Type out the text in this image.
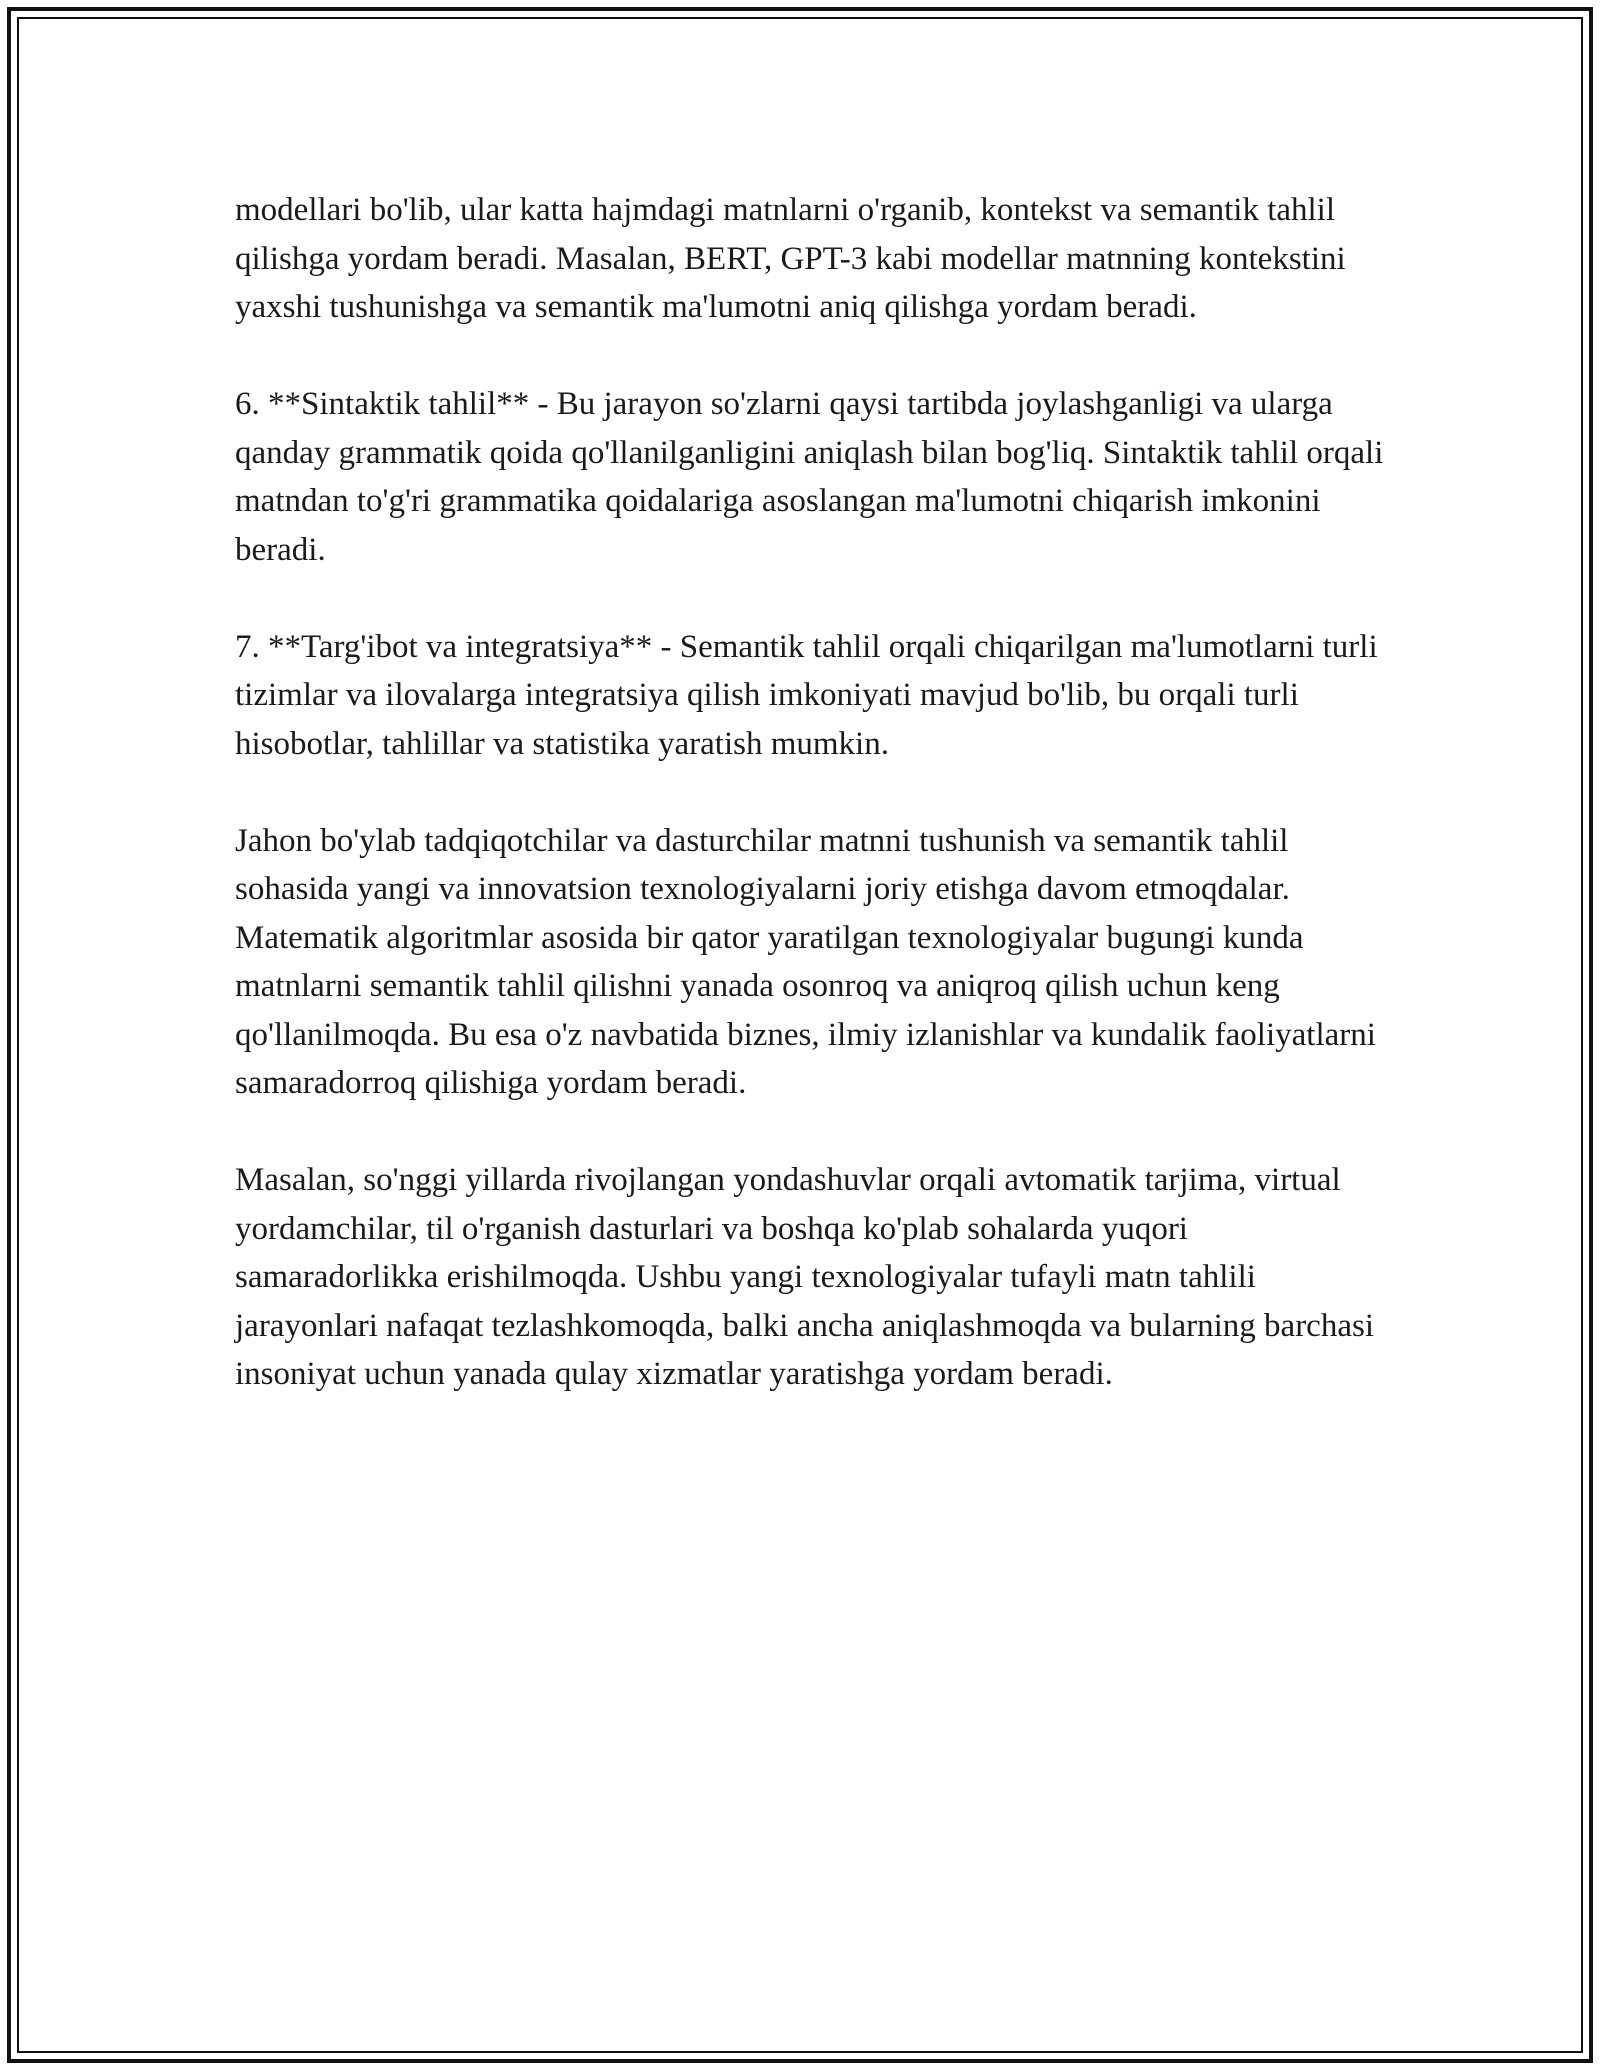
modellari bo'lib, ular katta hajmdagi matnlarni o'rganib, kontekst va semantik tahlil qilishga yordam beradi. Masalan, BERT, GPT-3 kabi modellar matnning kontekstini yaxshi tushunishga va semantik ma'lumotni aniq qilishga yordam beradi.

6. **Sintaktik tahlil** - Bu jarayon so'zlarni qaysi tartibda joylashganligi va ularga qanday grammatik qoida qo'llanilganligini aniqlash bilan bog'liq. Sintaktik tahlil orqali matndan to'g'ri grammatika qoidalariga asoslangan ma'lumotni chiqarish imkonini beradi.

7. **Targ'ibot va integratsiya** - Semantik tahlil orqali chiqarilgan ma'lumotlarni turli tizimlar va ilovalarga integratsiya qilish imkoniyati mavjud bo'lib, bu orqali turli hisobotlar, tahlillar va statistika yaratish mumkin.

Jahon bo'ylab tadqiqotchilar va dasturchilar matnni tushunish va semantik tahlil sohasida yangi va innovatsion texnologiyalarni joriy etishga davom etmoqdalar. Matematik algoritmlar asosida bir qator yaratilgan texnologiyalar bugungi kunda matnlarni semantik tahlil qilishni yanada osonroq va aniqroq qilish uchun keng qo'llanilmoqda. Bu esa o'z navbatida biznes, ilmiy izlanishlar va kundalik faoliyatlarni samaradorroq qilishiga yordam beradi.

Masalan, so'nggi yillarda rivojlangan yondashuvlar orqali avtomatik tarjima, virtual yordamchilar, til o'rganish dasturlari va boshqa ko'plab sohalarda yuqori samaradorlikka erishilmoqda. Ushbu yangi texnologiyalar tufayli matn tahlili jarayonlari nafaqat tezlashkomoqda, balki ancha aniqlashmoqda va bularning barchasi insoniyat uchun yanada qulay xizmatlar yaratishga yordam beradi.
